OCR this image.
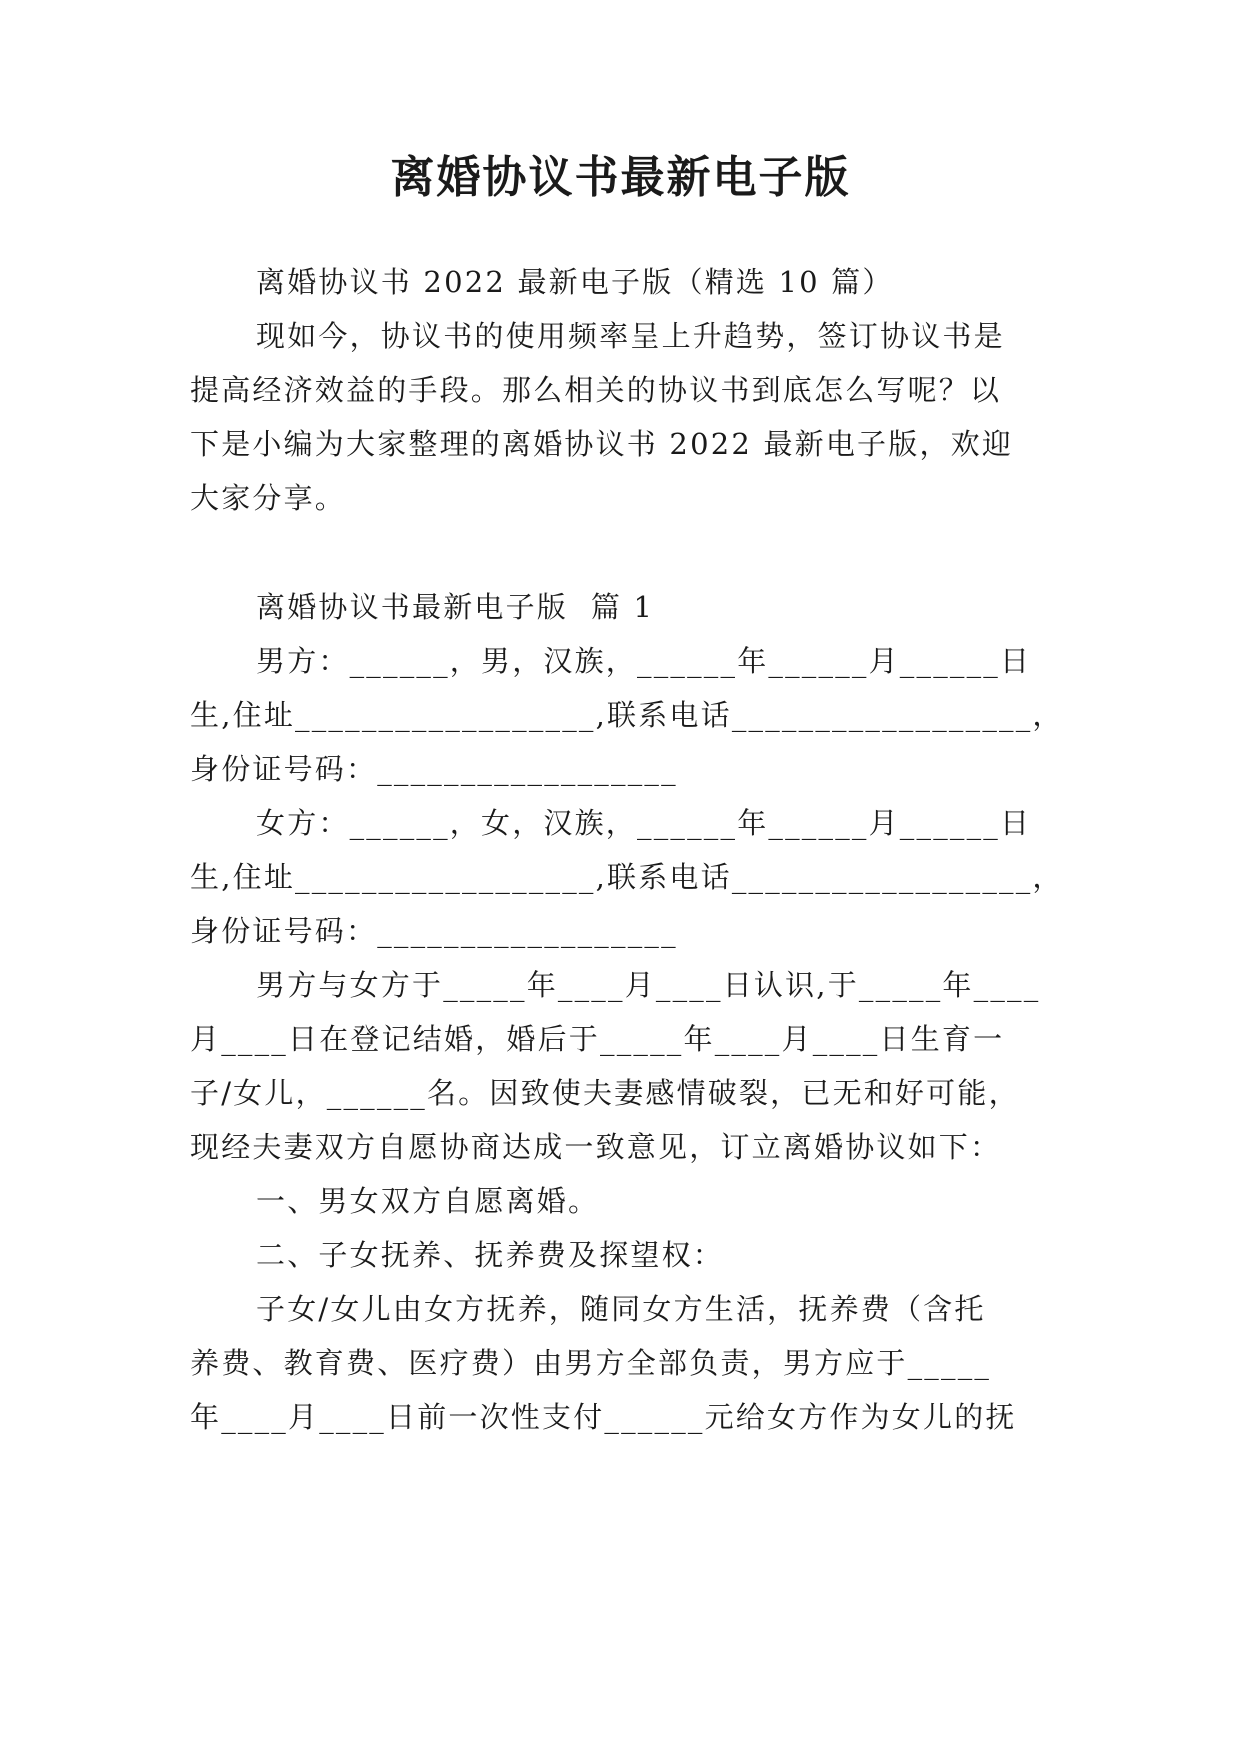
离婚协议书最新电子版
离婚协议书 2022 最新电子版（精选 10 篇）
现如今，协议书的使用频率呈上升趋势，签订协议书是
提高经济效益的手段。那么相关的协议书到底怎么写呢？以
下是小编为大家整理的离婚协议书 2022 最新电子版，欢迎
大家分享。
离婚协议书最新电子版  篇 1
男方：______，男，汉族，______年______月______日
生,住址__________________,联系电话__________________，
身份证号码：__________________
女方：______，女，汉族，______年______月______日
生,住址__________________,联系电话__________________，
身份证号码：__________________
男方与女方于_____年____月____日认识,于_____年____
月____日在登记结婚，婚后于_____年____月____日生育一
子/女儿，______名。因致使夫妻感情破裂，已无和好可能，
现经夫妻双方自愿协商达成一致意见，订立离婚协议如下：
一、男女双方自愿离婚。
二、子女抚养、抚养费及探望权：
子女/女儿由女方抚养，随同女方生活，抚养费（含托
养费、教育费、医疗费）由男方全部负责，男方应于_____
年____月____日前一次性支付______元给女方作为女儿的抚
